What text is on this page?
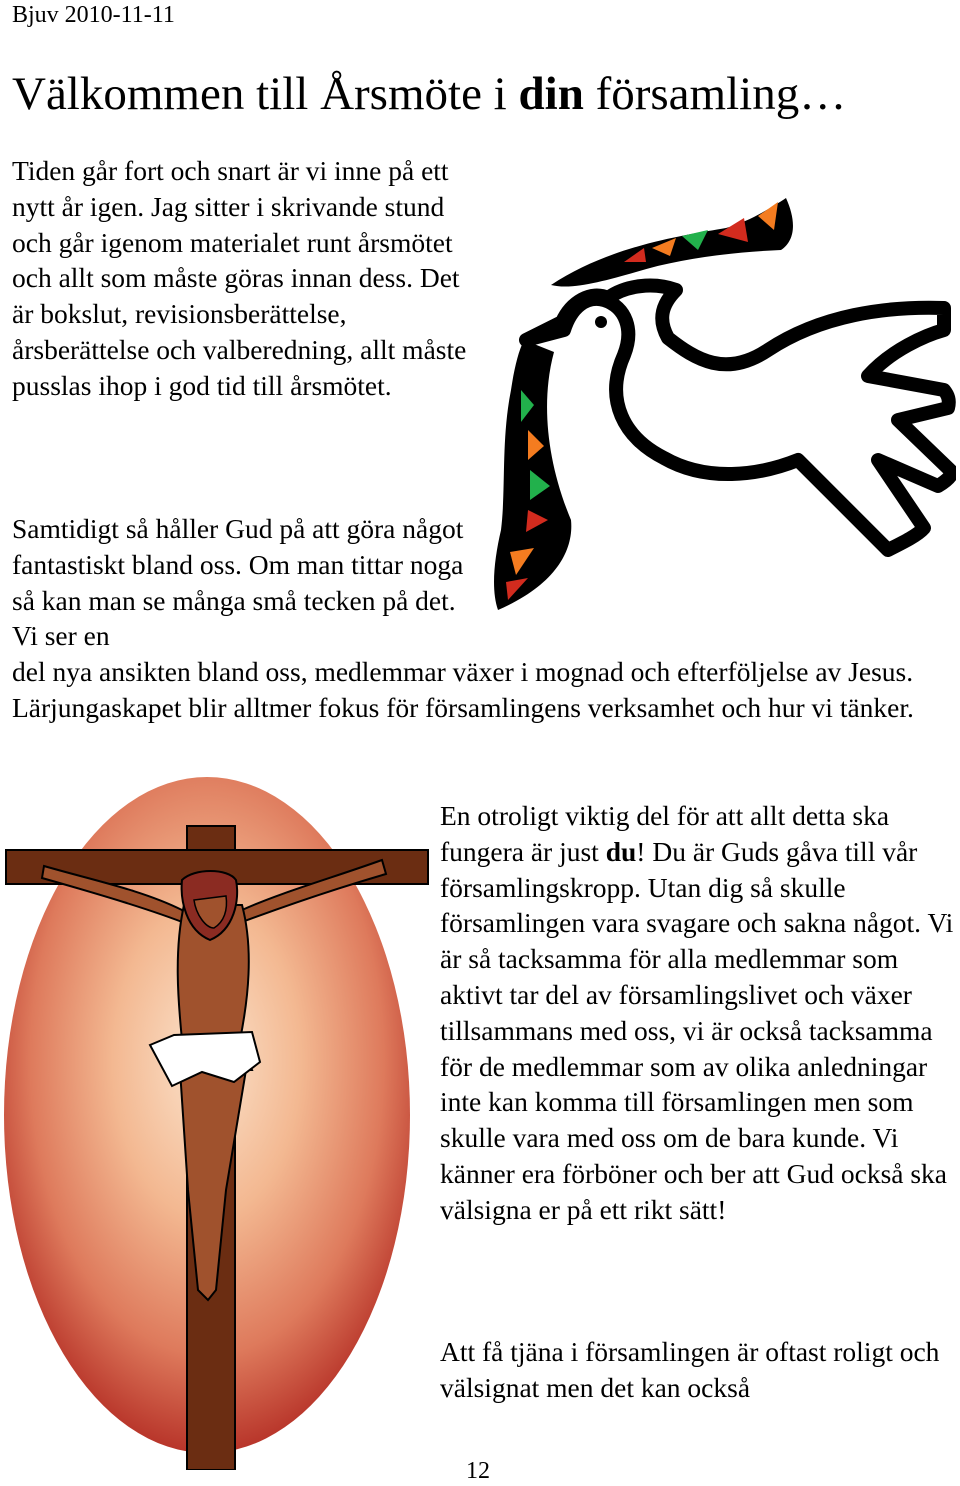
Bjuv 2010-11-11
Välkommen till Årsmöte i din församling…

Tiden går fort och snart är vi inne på ett nytt år igen. Jag sitter i skrivande stund och går igenom materialet runt årsmötet och allt som måste göras innan dess. Det är bokslut, revisionsberättelse, årsberättelse och valberedning, allt måste pusslas ihop i god tid till årsmötet.

Samtidigt så håller Gud på att göra något fantastiskt bland oss. Om man tittar noga så kan man se många små tecken på det. Vi ser en
del nya ansikten bland oss, medlemmar växer i mognad och efterföljelse av Jesus. Lärjungaskapet blir alltmer fokus för församlingens verksamhet och hur vi tänker.

En otroligt viktig del för att allt detta ska fungera är just du! Du är Guds gåva till vår församlingskropp. Utan dig så skulle församlingen vara svagare och sakna något. Vi är så tacksamma för alla medlemmar som aktivt tar del av församlingslivet och växer tillsammans med oss, vi är också tacksamma för de medlemmar som av olika anledningar inte kan komma till församlingen men som skulle vara med oss om de bara kunde. Vi känner era förböner och ber att Gud också ska välsigna er på ett rikt sätt!

Att få tjäna i församlingen är oftast roligt och välsignat men det kan också

12
